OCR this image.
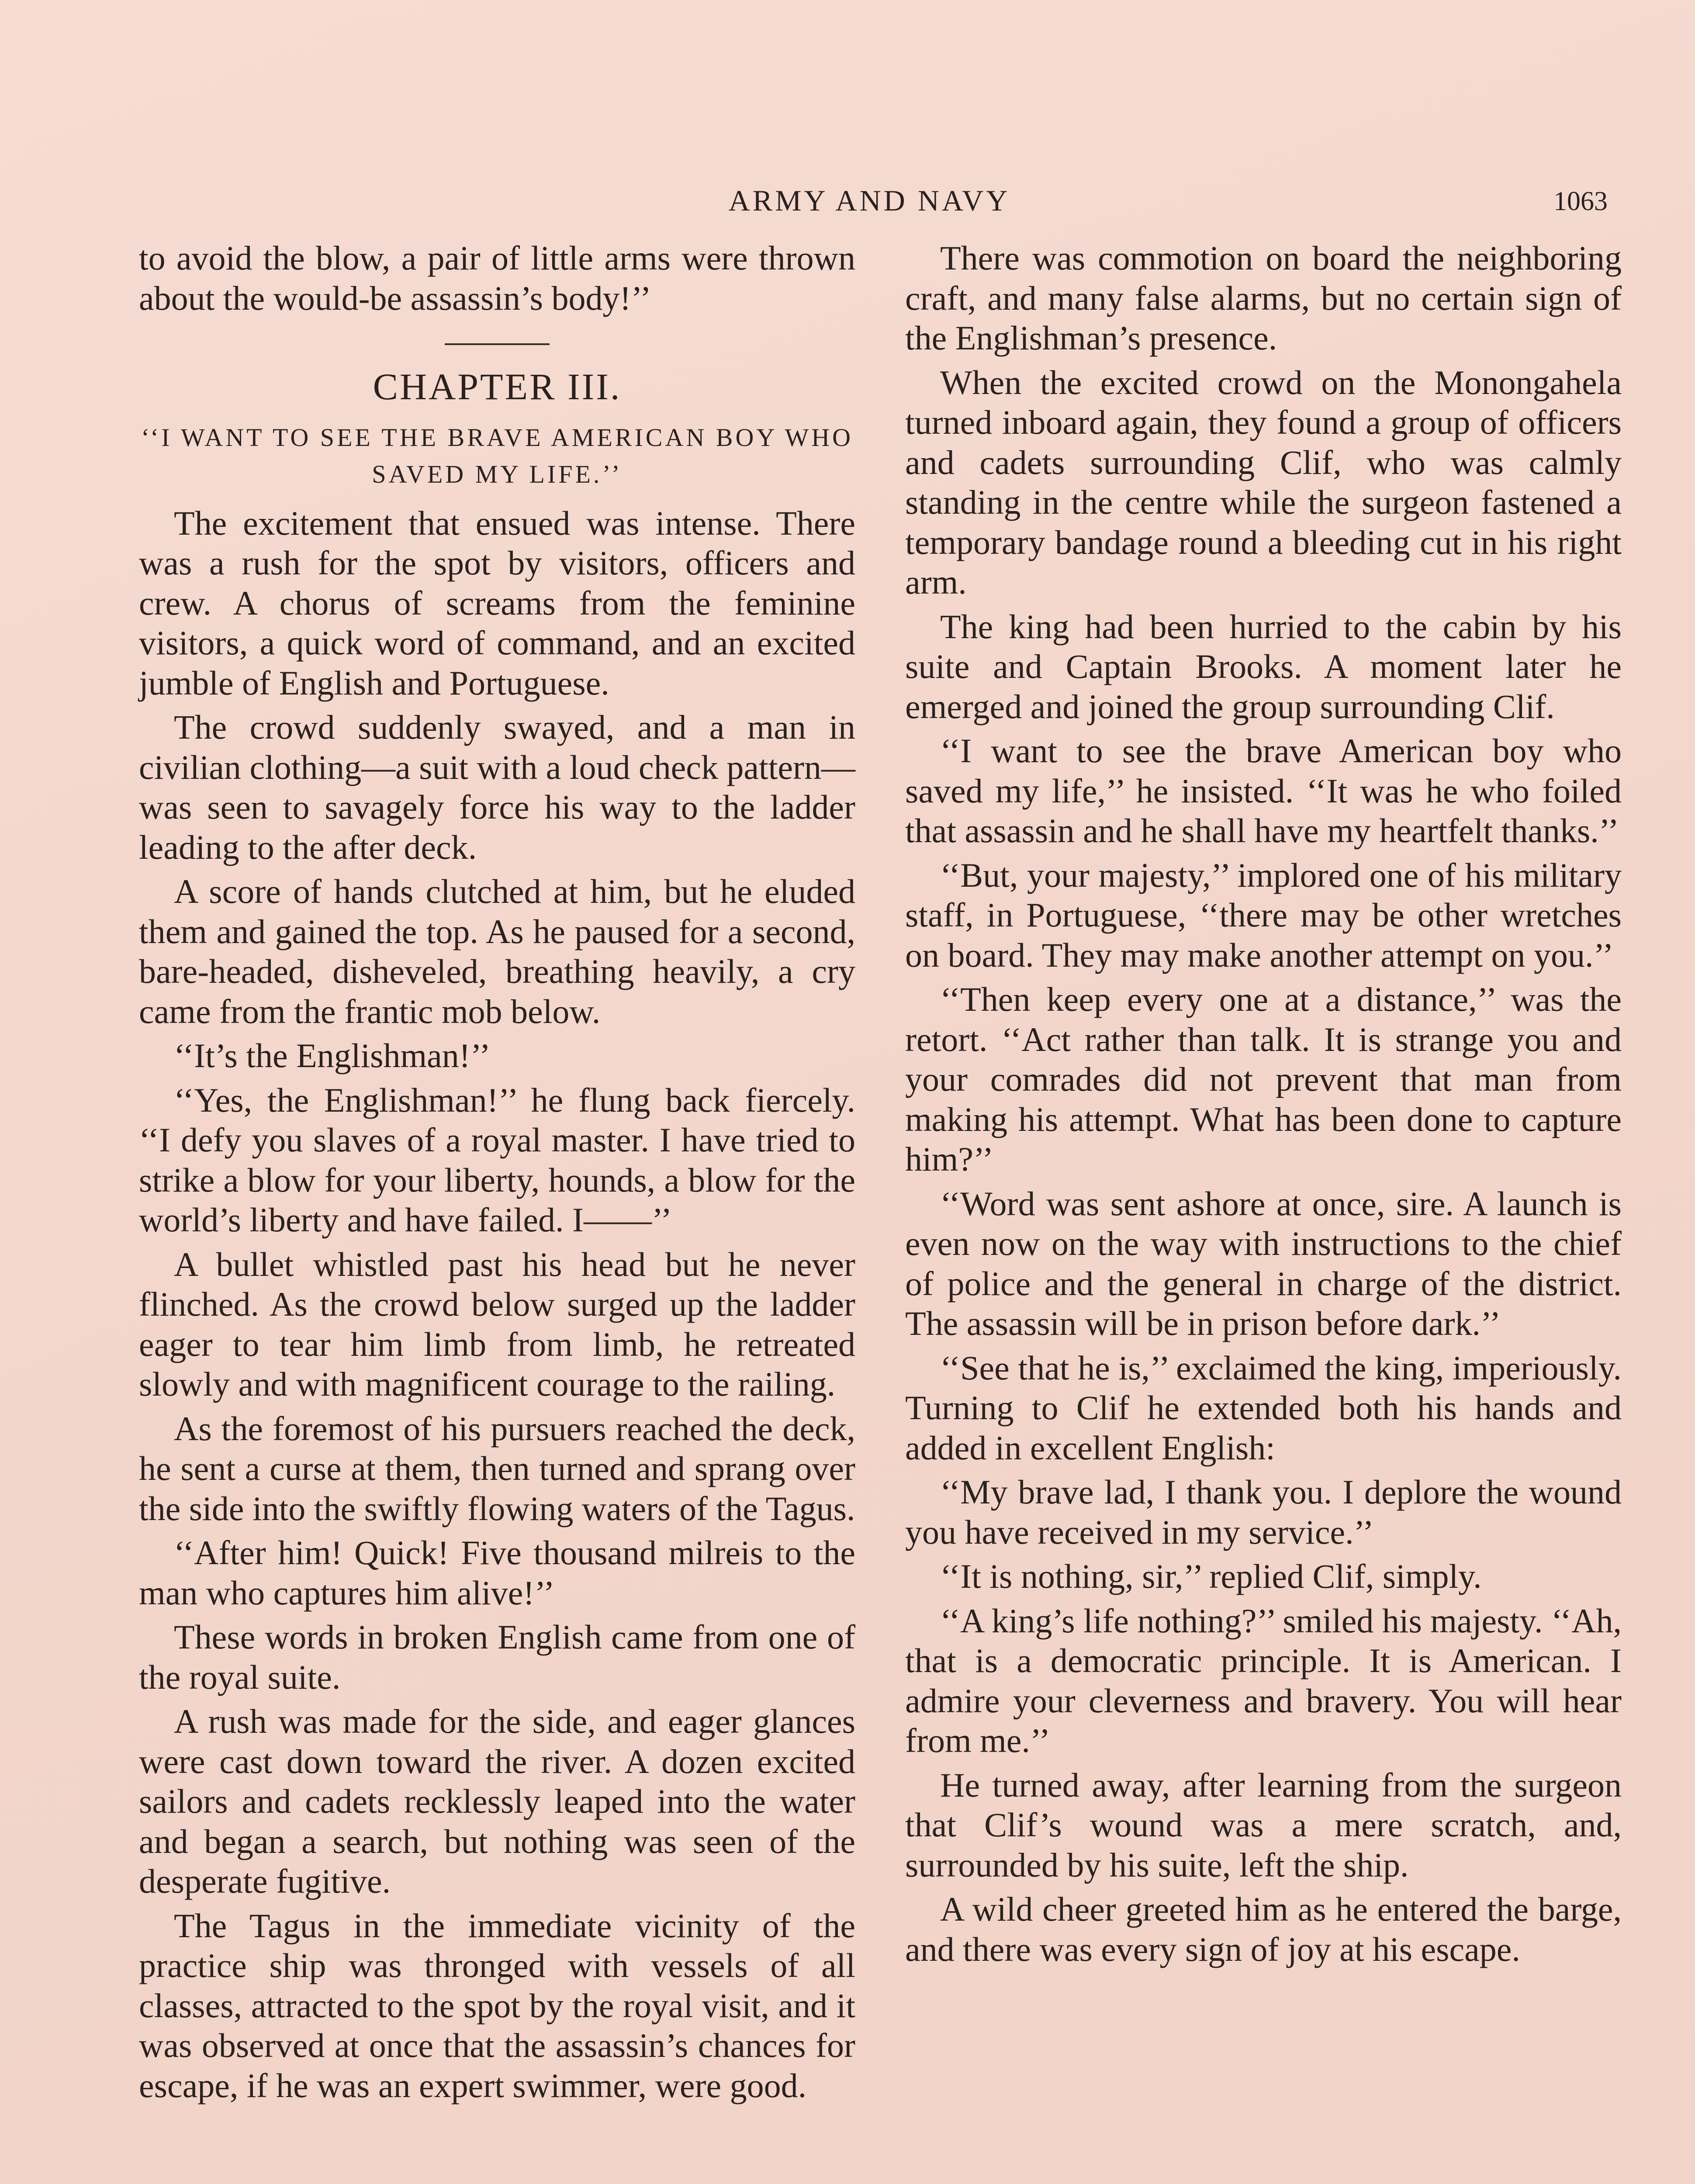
ARMY AND NAVY	1063

to avoid the blow, a pair of little arms were thrown about the would-be assassin’s body!’’

CHAPTER III.
‘‘I WANT TO SEE THE BRAVE AMERICAN BOY WHO SAVED MY LIFE.’’

The excitement that ensued was intense. There was a rush for the spot by visitors, officers and crew. A chorus of screams from the feminine visitors, a quick word of command, and an excited jumble of English and Portuguese.

The crowd suddenly swayed, and a man in civilian clothing—a suit with a loud check pattern—was seen to savagely force his way to the ladder leading to the after deck.

A score of hands clutched at him, but he eluded them and gained the top. As he paused for a second, bare-headed, disheveled, breathing heavily, a cry came from the frantic mob below.

‘‘It’s the Englishman!’’

‘‘Yes, the Englishman!’’ he flung back fiercely. ‘‘I defy you slaves of a royal master. I have tried to strike a blow for your liberty, hounds, a blow for the world’s liberty and have failed. I——’’

A bullet whistled past his head but he never flinched. As the crowd below surged up the ladder eager to tear him limb from limb, he retreated slowly and with magnificent courage to the railing.

As the foremost of his pursuers reached the deck, he sent a curse at them, then turned and sprang over the side into the swiftly flowing waters of the Tagus.

‘‘After him! Quick! Five thousand milreis to the man who captures him alive!’’

These words in broken English came from one of the royal suite.

A rush was made for the side, and eager glances were cast down toward the river. A dozen excited sailors and cadets recklessly leaped into the water and began a search, but nothing was seen of the desperate fugitive.

The Tagus in the immediate vicinity of the practice ship was thronged with vessels of all classes, attracted to the spot by the royal visit, and it was observed at once that the assassin’s chances for escape, if he was an expert swimmer, were good.

There was commotion on board the neighboring craft, and many false alarms, but no certain sign of the Englishman’s presence.

When the excited crowd on the Monongahela turned inboard again, they found a group of officers and cadets surrounding Clif, who was calmly standing in the centre while the surgeon fastened a temporary bandage round a bleeding cut in his right arm.

The king had been hurried to the cabin by his suite and Captain Brooks. A moment later he emerged and joined the group surrounding Clif.

‘‘I want to see the brave American boy who saved my life,’’ he insisted. ‘‘It was he who foiled that assassin and he shall have my heartfelt thanks.’’

‘‘But, your majesty,’’ implored one of his military staff, in Portuguese, ‘‘there may be other wretches on board. They may make another attempt on you.’’

‘‘Then keep every one at a distance,’’ was the retort. ‘‘Act rather than talk. It is strange you and your comrades did not prevent that man from making his attempt. What has been done to capture him?’’

‘‘Word was sent ashore at once, sire. A launch is even now on the way with instructions to the chief of police and the general in charge of the district. The assassin will be in prison before dark.’’

‘‘See that he is,’’ exclaimed the king, imperiously. Turning to Clif he extended both his hands and added in excellent English:

‘‘My brave lad, I thank you. I deplore the wound you have received in my service.’’

‘‘It is nothing, sir,’’ replied Clif, simply.

‘‘A king’s life nothing?’’ smiled his majesty. ‘‘Ah, that is a democratic principle. It is American. I admire your cleverness and bravery. You will hear from me.’’

He turned away, after learning from the surgeon that Clif’s wound was a mere scratch, and, surrounded by his suite, left the ship.

A wild cheer greeted him as he entered the barge, and there was every sign of joy at his escape.
